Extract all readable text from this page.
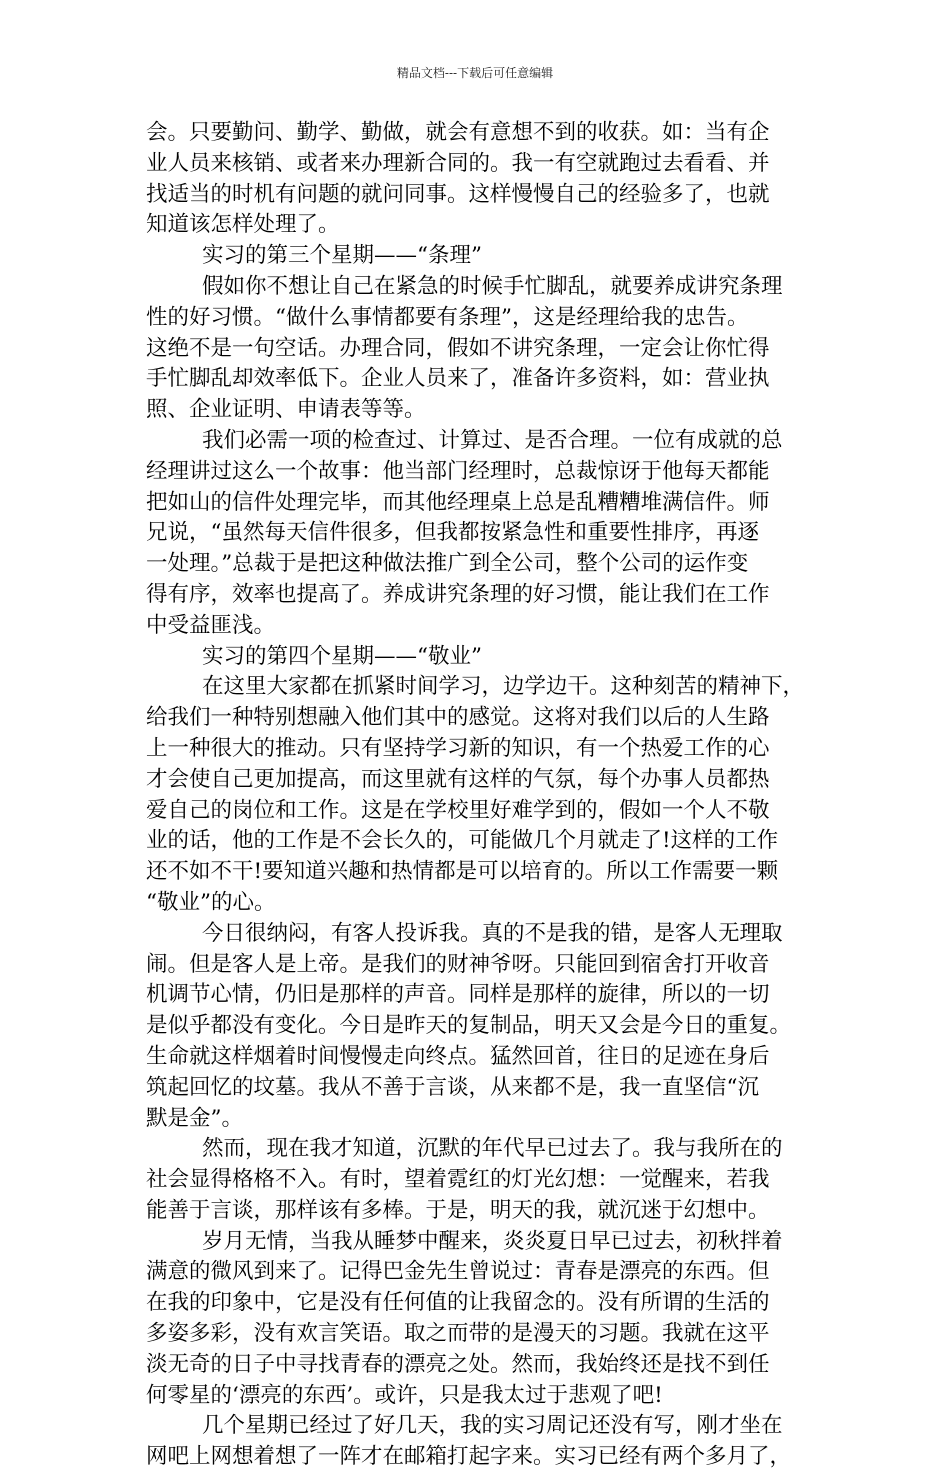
精品文档---下载后可任意编辑
会。只要勤问、勤学、勤做，就会有意想不到的收获。如：当有企
业人员来核销、或者来办理新合同的。我一有空就跑过去看看、并
找适当的时机有问题的就问同事。这样慢慢自己的经验多了，也就
知道该怎样处理了。
实习的第三个星期——“条理”
假如你不想让自己在紧急的时候手忙脚乱，就要养成讲究条理
性的好习惯。“做什么事情都要有条理”，这是经理给我的忠告。
这绝不是一句空话。办理合同，假如不讲究条理，一定会让你忙得
手忙脚乱却效率低下。企业人员来了，准备许多资料，如：营业执
照、企业证明、申请表等等。
我们必需一项的检查过、计算过、是否合理。一位有成就的总
经理讲过这么一个故事：他当部门经理时，总裁惊讶于他每天都能
把如山的信件处理完毕，而其他经理桌上总是乱糟糟堆满信件。师
兄说，“虽然每天信件很多，但我都按紧急性和重要性排序，再逐
一处理。”总裁于是把这种做法推广到全公司，整个公司的运作变
得有序，效率也提高了。养成讲究条理的好习惯，能让我们在工作
中受益匪浅。
实习的第四个星期——“敬业”
在这里大家都在抓紧时间学习，边学边干。这种刻苦的精神下，
给我们一种特别想融入他们其中的感觉。这将对我们以后的人生路
上一种很大的推动。只有坚持学习新的知识，有一个热爱工作的心
才会使自己更加提高，而这里就有这样的气氛，每个办事人员都热
爱自己的岗位和工作。这是在学校里好难学到的，假如一个人不敬
业的话，他的工作是不会长久的，可能做几个月就走了!这样的工作
还不如不干!要知道兴趣和热情都是可以培育的。所以工作需要一颗
“敬业”的心。
今日很纳闷，有客人投诉我。真的不是我的错，是客人无理取
闹。但是客人是上帝。是我们的财神爷呀。只能回到宿舍打开收音
机调节心情，仍旧是那样的声音。同样是那样的旋律，所以的一切
是似乎都没有变化。今日是昨天的复制品，明天又会是今日的重复。
生命就这样烟着时间慢慢走向终点。猛然回首，往日的足迹在身后
筑起回忆的坟墓。我从不善于言谈，从来都不是，我一直坚信“沉
默是金”。
然而，现在我才知道，沉默的年代早已过去了。我与我所在的
社会显得格格不入。有时，望着霓红的灯光幻想：一觉醒来，若我
能善于言谈，那样该有多棒。于是，明天的我，就沉迷于幻想中。
岁月无情，当我从睡梦中醒来，炎炎夏日早已过去，初秋拌着
满意的微风到来了。记得巴金先生曾说过：青春是漂亮的东西。但
在我的印象中，它是没有任何值的让我留念的。没有所谓的生活的
多姿多彩，没有欢言笑语。取之而带的是漫天的习题。我就在这平
淡无奇的日子中寻找青春的漂亮之处。然而，我始终还是找不到任
何零星的‘漂亮的东西’。或许，只是我太过于悲观了吧!
几个星期已经过了好几天，我的实习周记还没有写，刚才坐在
网吧上网想着想了一阵才在邮箱打起字来。实习已经有两个多月了，
